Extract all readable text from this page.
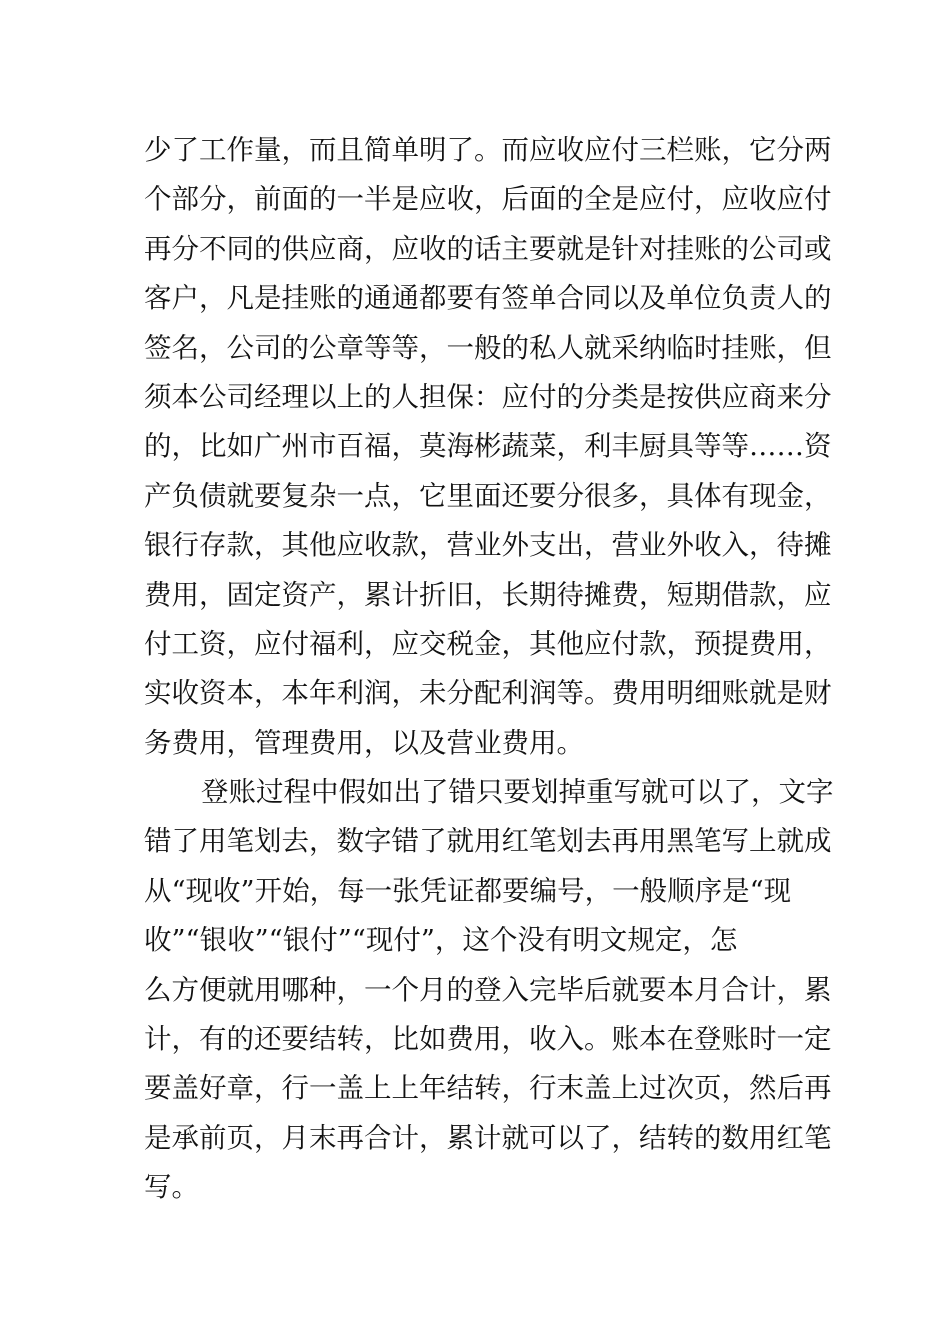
少了工作量，而且简单明了。而应收应付三栏账，它分两
个部分，前面的一半是应收，后面的全是应付，应收应付
再分不同的供应商，应收的话主要就是针对挂账的公司或
客户，凡是挂账的通通都要有签单合同以及单位负责人的
签名，公司的公章等等，一般的私人就采纳临时挂账，但
须本公司经理以上的人担保：应付的分类是按供应商来分
的，比如广州市百福，莫海彬蔬菜，利丰厨具等等……资
产负债就要复杂一点，它里面还要分很多，具体有现金，
银行存款，其他应收款，营业外支出，营业外收入，待摊
费用，固定资产，累计折旧，长期待摊费，短期借款，应
付工资，应付福利，应交税金，其他应付款，预提费用，
实收资本，本年利润，未分配利润等。费用明细账就是财
务费用，管理费用，以及营业费用。
登账过程中假如出了错只要划掉重写就可以了，文字
错了用笔划去，数字错了就用红笔划去再用黑笔写上就成
从“现收”开始，每一张凭证都要编号，一般顺序是“现
收”“银收”“银付”“现付”，这个没有明文规定，怎
么方便就用哪种，一个月的登入完毕后就要本月合计，累
计，有的还要结转，比如费用，收入。账本在登账时一定
要盖好章，行一盖上上年结转，行末盖上过次页，然后再
是承前页，月末再合计，累计就可以了，结转的数用红笔
写。
